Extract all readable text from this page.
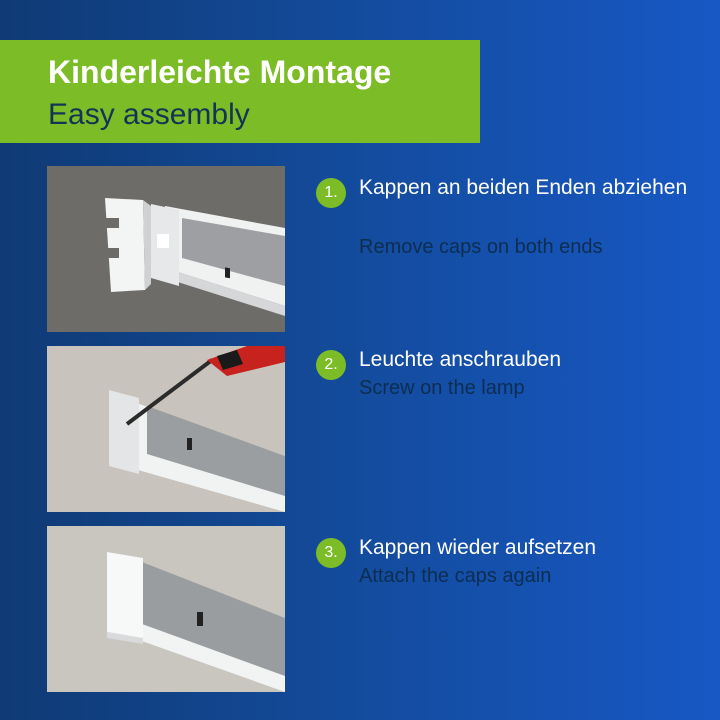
Kinderleichte Montage
Easy assembly
1.	Kappen an beiden Enden abziehen
Remove caps on both ends
2.	Leuchte anschrauben
Screw on the lamp
3.	Kappen wieder aufsetzen
Attach the caps again
